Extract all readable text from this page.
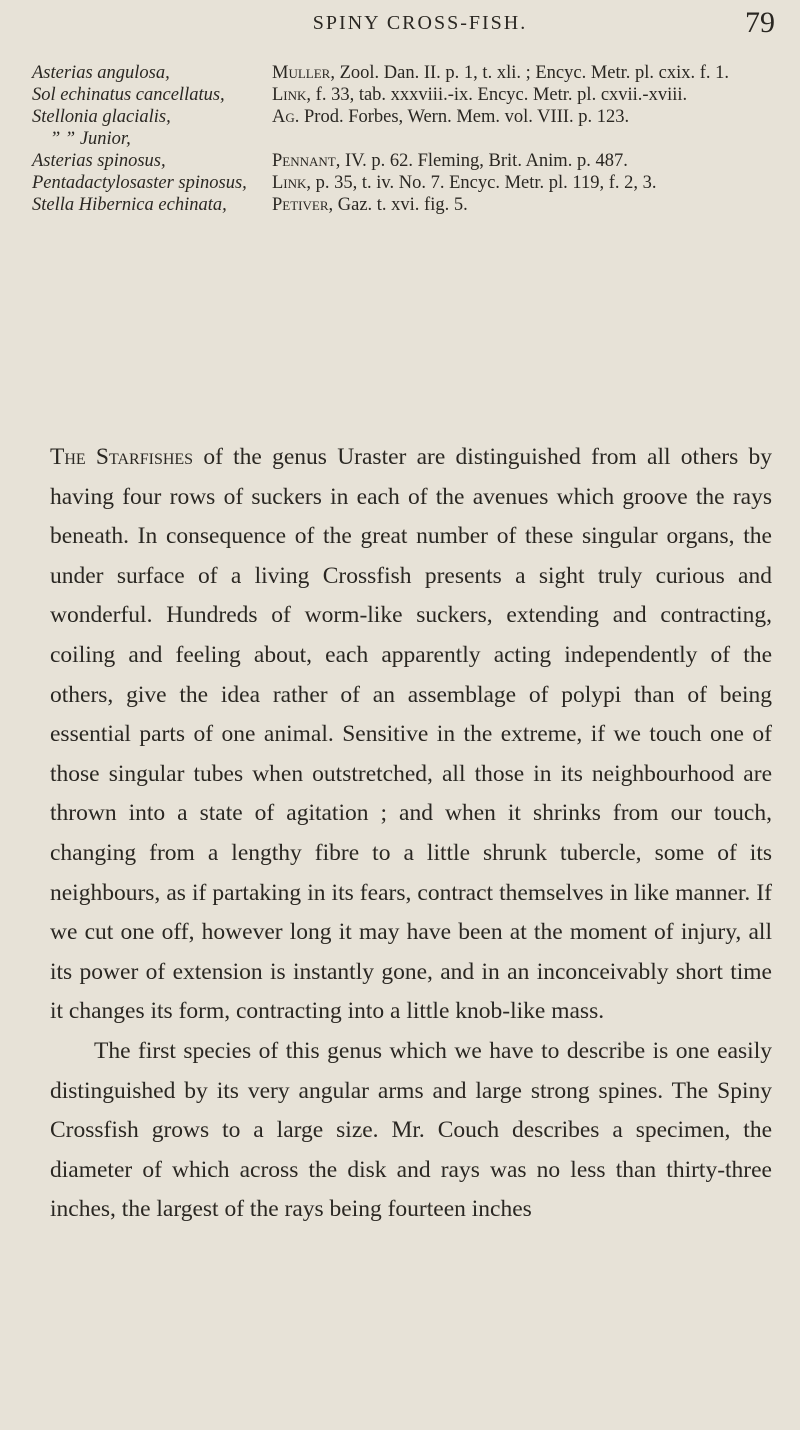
SPINY CROSS-FISH.	79
Asterias angulosa,	Muller, Zool. Dan. II. p. 1, t. xli. ; Encyc. Metr. pl. cxix. f. 1.
Sol echinatus cancellatus,	Link, f. 33, tab. xxxviii.-ix. Encyc. Metr. pl. cxvii.-xviii.
Stellonia glacialis,	Ag. Prod. Forbes, Wern. Mem. vol. VIII. p. 123.
” ” Junior,
Asterias spinosus,	Pennant, IV. p. 62. Fleming, Brit. Anim. p. 487.
Pentadactylosaster spinosus,	Link, p. 35, t. iv. No. 7. Encyc. Metr. pl. 119, f. 2, 3.
Stella Hibernica echinata,	Petiver, Gaz. t. xvi. fig. 5.

The Starfishes of the genus Uraster are distinguished from all others by having four rows of suckers in each of the avenues which groove the rays beneath. In consequence of the great number of these singular organs, the under surface of a living Crossfish presents a sight truly curious and wonderful. Hundreds of worm-like suckers, extending and contracting, coiling and feeling about, each apparently acting independently of the others, give the idea rather of an assemblage of polypi than of being essential parts of one animal. Sensitive in the extreme, if we touch one of those singular tubes when outstretched, all those in its neighbourhood are thrown into a state of agitation ; and when it shrinks from our touch, changing from a lengthy fibre to a little shrunk tubercle, some of its neighbours, as if partaking in its fears, contract themselves in like manner. If we cut one off, however long it may have been at the moment of injury, all its power of extension is instantly gone, and in an inconceivably short time it changes its form, contracting into a little knob-like mass.

The first species of this genus which we have to describe is one easily distinguished by its very angular arms and large strong spines. The Spiny Crossfish grows to a large size. Mr. Couch describes a specimen, the diameter of which across the disk and rays was no less than thirty-three inches, the largest of the rays being fourteen inches
